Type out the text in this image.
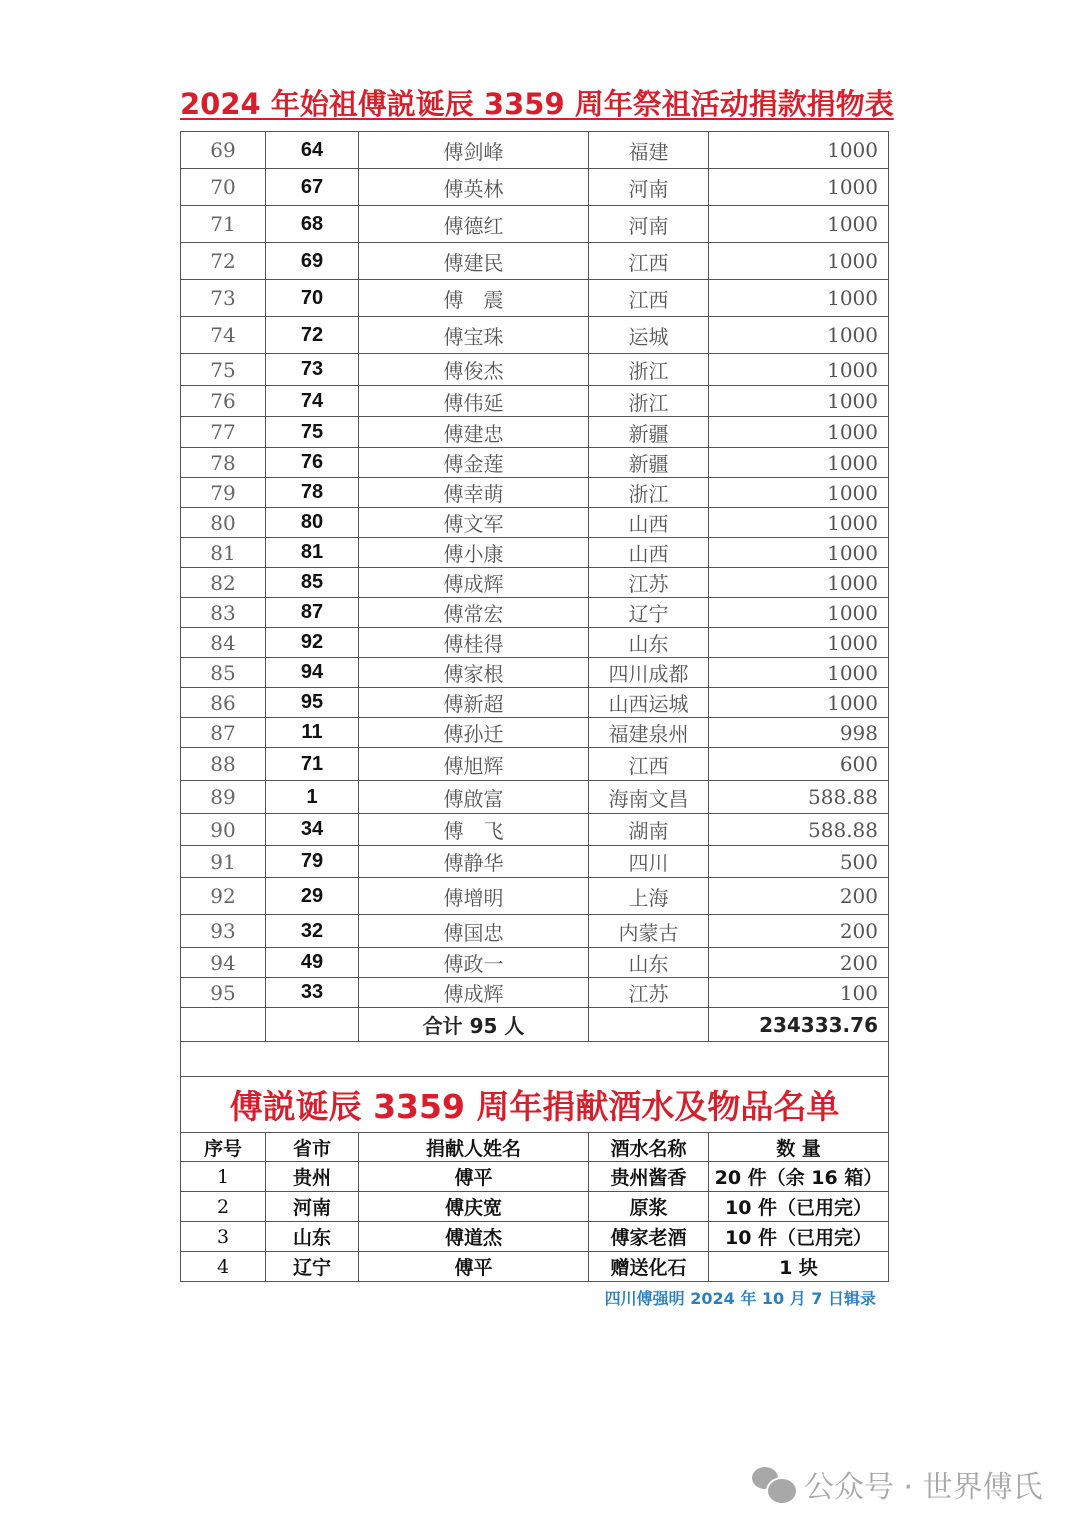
2024 年始祖傅説诞辰 3359 周年祭祖活动捐款捐物表
69	64	傅剑峰	福建	1000
70	67	傅英林	河南	1000
71	68	傅德红	河南	1000
72	69	傅建民	江西	1000
73	70	傅　震	江西	1000
74	72	傅宝珠	运城	1000
75	73	傅俊杰	浙江	1000
76	74	傅伟延	浙江	1000
77	75	傅建忠	新疆	1000
78	76	傅金莲	新疆	1000
79	78	傅幸萌	浙江	1000
80	80	傅文军	山西	1000
81	81	傅小康	山西	1000
82	85	傅成辉	江苏	1000
83	87	傅常宏	辽宁	1000
84	92	傅桂得	山东	1000
85	94	傅家根	四川成都	1000
86	95	傅新超	山西运城	1000
87	11	傅孙迁	福建泉州	998
88	71	傅旭辉	江西	600
89	1	傅啟富	海南文昌	588.88
90	34	傅　飞	湖南	588.88
91	79	傅静华	四川	500
92	29	傅增明	上海	200
93	32	傅国忠	内蒙古	200
94	49	傅政一	山东	200
95	33	傅成辉	江苏	100
		合计 95 人		234333.76

傅説诞辰 3359 周年捐献酒水及物品名单				
序号	省市	捐献人姓名	酒水名称	数 量
1	贵州	傅平	贵州酱香	20 件（余 16 箱）
2	河南	傅庆宽	原浆	10 件（已用完）
3	山东	傅道杰	傅家老酒	10 件（已用完）
4	辽宁	傅平	赠送化石	1 块
四川傅强明 2024 年 10 月 7 日辑录
公众号 · 世界傅氏
